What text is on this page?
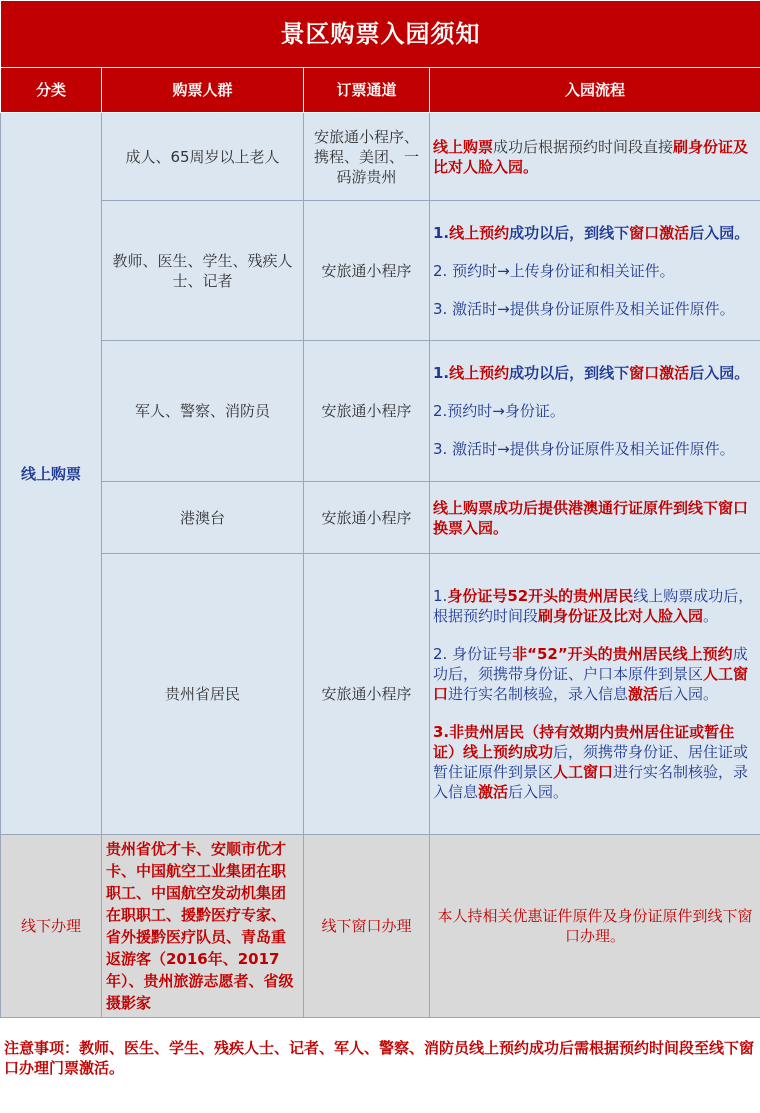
景区购票入园须知			
分类	购票人群	订票通道	入园流程
线上购票	成人、65周岁以上老人	安旅通小程序、携程、美团、一码游贵州	线上购票成功后根据预约时间段直接刷身份证及比对人脸入园。

	教师、医生、学生、残疾人士、记者	安旅通小程序	1.线上预约成功以后，到线下窗口激活后入园。

2. 预约时→上传身份证和相关证件。

3. 激活时→提供身份证原件及相关证件原件。

	军人、警察、消防员	安旅通小程序	1.线上预约成功以后，到线下窗口激活后入园。

2.预约时→身份证。

3. 激活时→提供身份证原件及相关证件原件。

	港澳台	安旅通小程序	线上购票成功后提供港澳通行证原件到线下窗口换票入园。

	贵州省居民	安旅通小程序	1.身份证号52开头的贵州居民线上购票成功后，根据预约时间段刷身份证及比对人脸入园。

2. 身份证号非“52”开头的贵州居民线上预约成功后，须携带身份证、户口本原件到景区人工窗口进行实名制核验，录入信息激活后入园。

3.非贵州居民（持有效期内贵州居住证或暂住证）线上预约成功后，须携带身份证、居住证或暂住证原件到景区人工窗口进行实名制核验，录入信息激活后入园。

线下办理	贵州省优才卡、安顺市优才卡、中国航空工业集团在职职工、中国航空发动机集团在职职工、援黔医疗专家、省外援黔医疗队员、青岛重返游客（2016年、2017年）、贵州旅游志愿者、省级摄影家	线下窗口办理	本人持相关优惠证件原件及身份证原件到线下窗口办理。
注意事项：教师、医生、学生、残疾人士、记者、军人、警察、消防员线上预约成功后需根据预约时间段至线下窗口办理门票激活。
